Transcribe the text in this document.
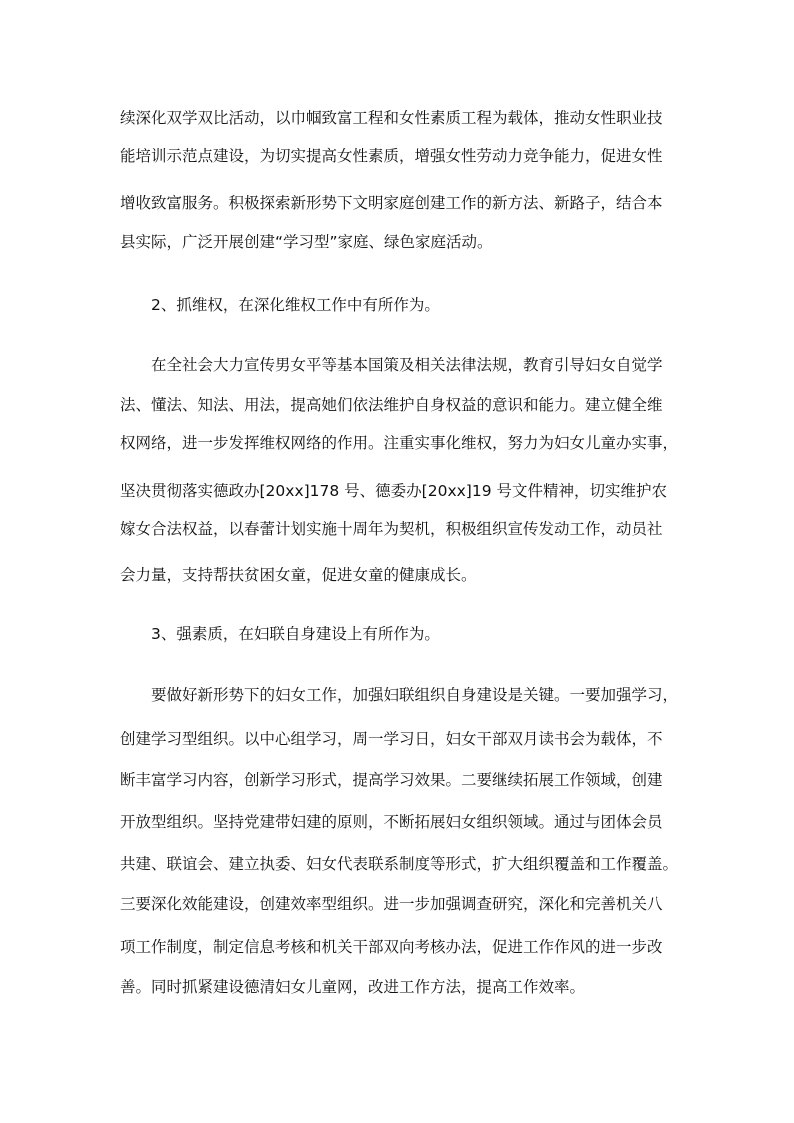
续深化双学双比活动，以巾帼致富工程和女性素质工程为载体，推动女性职业技
能培训示范点建设，为切实提高女性素质，增强女性劳动力竞争能力，促进女性
增收致富服务。积极探索新形势下文明家庭创建工作的新方法、新路子，结合本
县实际，广泛开展创建“学习型”家庭、绿色家庭活动。
2、抓维权，在深化维权工作中有所作为。
在全社会大力宣传男女平等基本国策及相关法律法规，教育引导妇女自觉学
法、懂法、知法、用法，提高她们依法维护自身权益的意识和能力。建立健全维
权网络，进一步发挥维权网络的作用。注重实事化维权，努力为妇女儿童办实事，
坚决贯彻落实德政办[20xx]178 号、德委办[20xx]19 号文件精神，切实维护农
嫁女合法权益，以春蕾计划实施十周年为契机，积极组织宣传发动工作，动员社
会力量，支持帮扶贫困女童，促进女童的健康成长。
3、强素质，在妇联自身建设上有所作为。
要做好新形势下的妇女工作，加强妇联组织自身建设是关键。一要加强学习，
创建学习型组织。以中心组学习，周一学习日，妇女干部双月读书会为载体，不
断丰富学习内容，创新学习形式，提高学习效果。二要继续拓展工作领域，创建
开放型组织。坚持党建带妇建的原则，不断拓展妇女组织领域。通过与团体会员
共建、联谊会、建立执委、妇女代表联系制度等形式，扩大组织覆盖和工作覆盖。
三要深化效能建设，创建效率型组织。进一步加强调查研究，深化和完善机关八
项工作制度，制定信息考核和机关干部双向考核办法，促进工作作风的进一步改
善。同时抓紧建设德清妇女儿童网，改进工作方法，提高工作效率。
